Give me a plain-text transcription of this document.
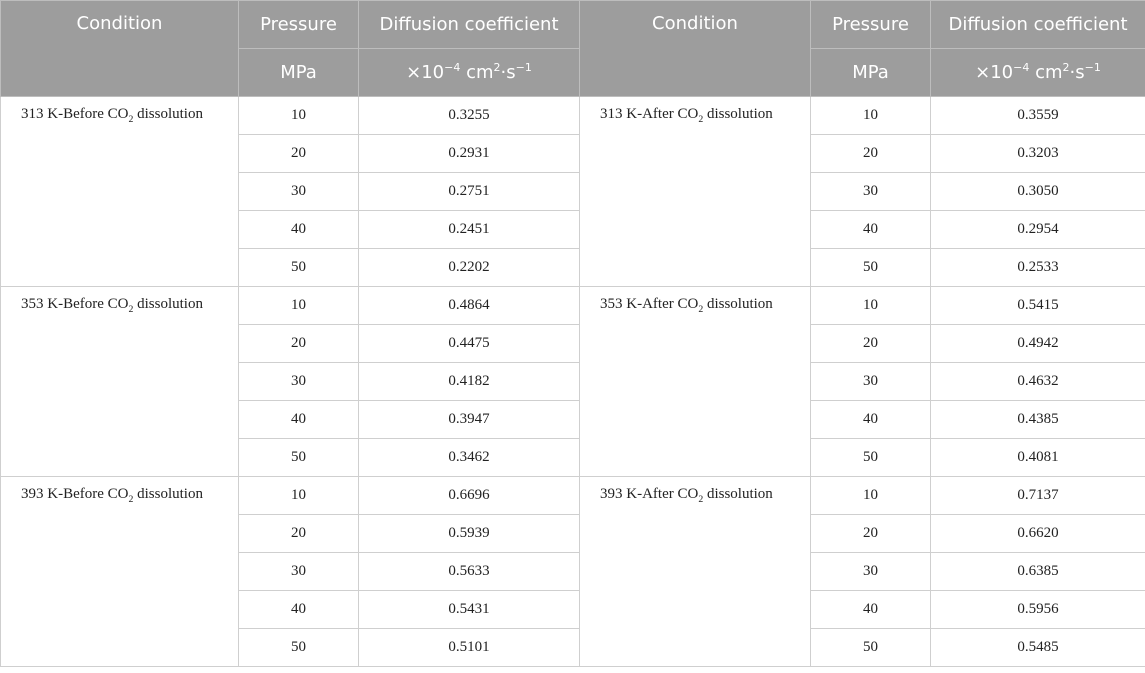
Condition	Pressure	Diffusion coefficient	Condition	Pressure	Diffusion coefficient
	MPa	$\times 10^{-4}$ $cm^2\cdot s^{-1}$		MPa	$\times 10^{-4}$ $cm^2\cdot s^{-1}$
313 K-Before $CO_2$ dissolution	10	0.3255	313 K-After $CO_2$ dissolution	10	0.3559
	20	0.2931		20	0.3203
	30	0.2751		30	0.3050
	40	0.2451		40	0.2954
	50	0.2202		50	0.2533
353 K-Before $CO_2$ dissolution	10	0.4864	353 K-After $CO_2$ dissolution	10	0.5415
	20	0.4475		20	0.4942
	30	0.4182		30	0.4632
	40	0.3947		40	0.4385
	50	0.3462		50	0.4081
393 K-Before $CO_2$ dissolution	10	0.6696	393 K-After $CO_2$ dissolution	10	0.7137
	20	0.5939		20	0.6620
	30	0.5633		30	0.6385
	40	0.5431		40	0.5956
	50	0.5101		50	0.5485
